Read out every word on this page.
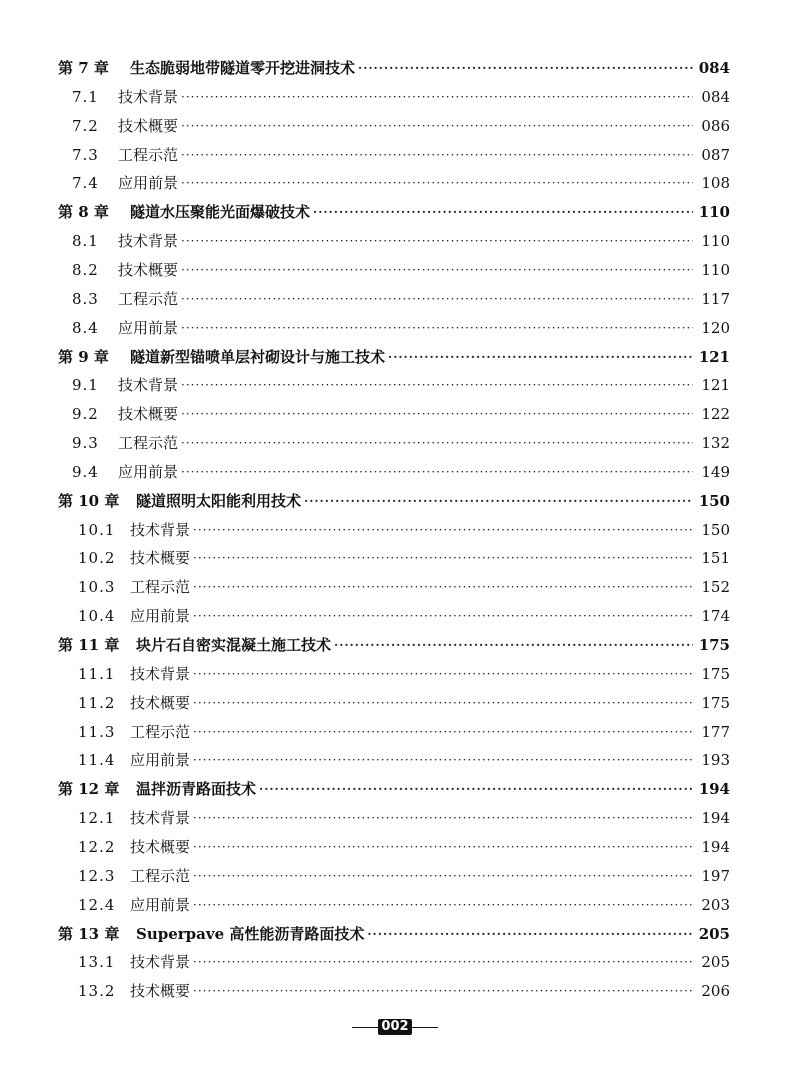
第 7 章 生态脆弱地带隧道零开挖进洞技术 ·····	084
7.1 技术背景 ·····	084
7.2 技术概要 ·····	086
7.3 工程示范 ·····	087
7.4 应用前景 ·····	108
第 8 章 隧道水压聚能光面爆破技术 ·····	110
8.1 技术背景 ·····	110
8.2 技术概要 ·····	110
8.3 工程示范 ·····	117
8.4 应用前景 ·····	120
第 9 章 隧道新型锚喷单层衬砌设计与施工技术 ·····	121
9.1 技术背景 ·····	121
9.2 技术概要 ·····	122
9.3 工程示范 ·····	132
9.4 应用前景 ·····	149
第 10 章 隧道照明太阳能利用技术 ·····	150
10.1 技术背景 ·····	150
10.2 技术概要 ·····	151
10.3 工程示范 ·····	152
10.4 应用前景 ·····	174
第 11 章 块片石自密实混凝土施工技术 ·····	175
11.1 技术背景 ·····	175
11.2 技术概要 ·····	175
11.3 工程示范 ·····	177
11.4 应用前景 ·····	193
第 12 章 温拌沥青路面技术 ·····	194
12.1 技术背景 ·····	194
12.2 技术概要 ·····	194
12.3 工程示范 ·····	197
12.4 应用前景 ·····	203
第 13 章 Superpave 高性能沥青路面技术 ·····	205
13.1 技术背景 ·····	205
13.2 技术概要 ·····	206
002
